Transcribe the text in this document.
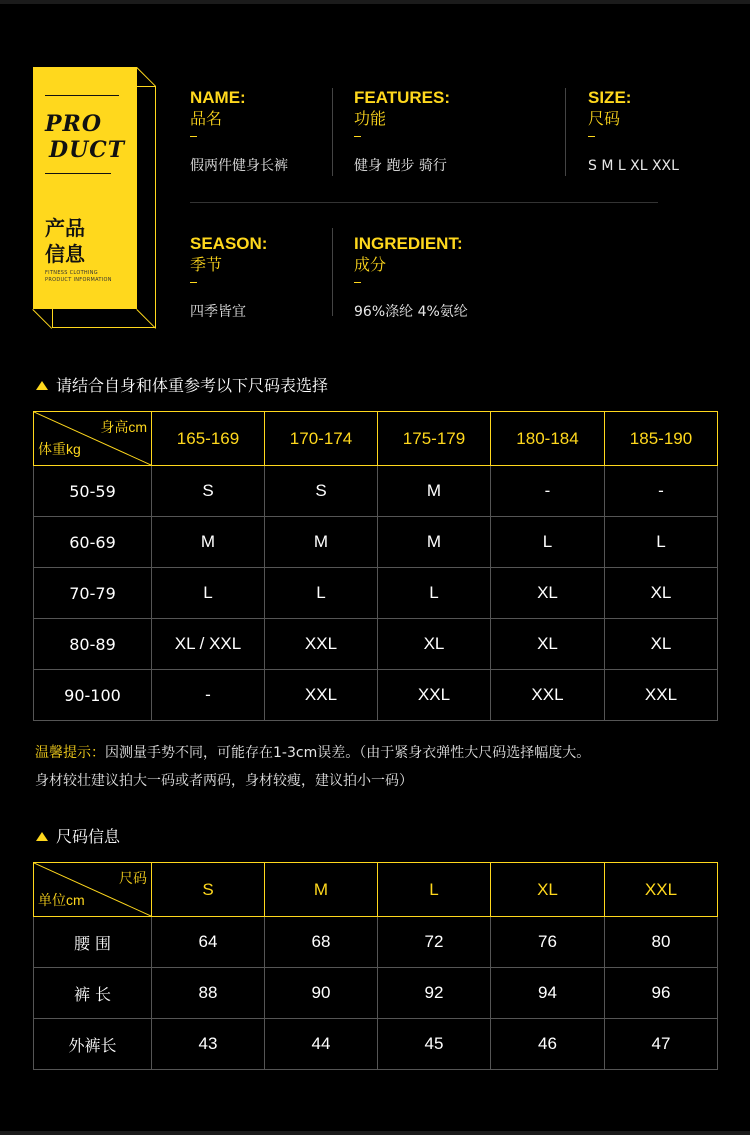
PRO
DUCT
产品
信息
FITNESS CLOTHING
PRODUCT INFORMATION
NAME:
品名
假两件健身长裤
FEATURES:
功能
健身 跑步 骑行
SIZE:
尺码
S M L XL XXL
SEASON:
季节
四季皆宜
INGREDIENT:
成分
96%涤纶 4%氨纶
请结合自身和体重参考以下尺码表选择
身高cm
体重kg	165-169	170-174	175-179	180-184	185-190
50-59	S	S	M	-	-
60-69	M	M	M	L	L
70-79	L	L	L	XL	XL
80-89	XL / XXL	XXL	XL	XL	XL
90-100	-	XXL	XXL	XXL	XXL
温馨提示：因测量手势不同，可能存在1-3cm误差。（由于紧身衣弹性大尺码选择幅度大。
身材较壮建议拍大一码或者两码，身材较瘦，建议拍小一码）
尺码信息
尺码
单位cm	S	M	L	XL	XXL
腰 围	64	68	72	76	80
裤 长	88	90	92	94	96
外裤长	43	44	45	46	47
